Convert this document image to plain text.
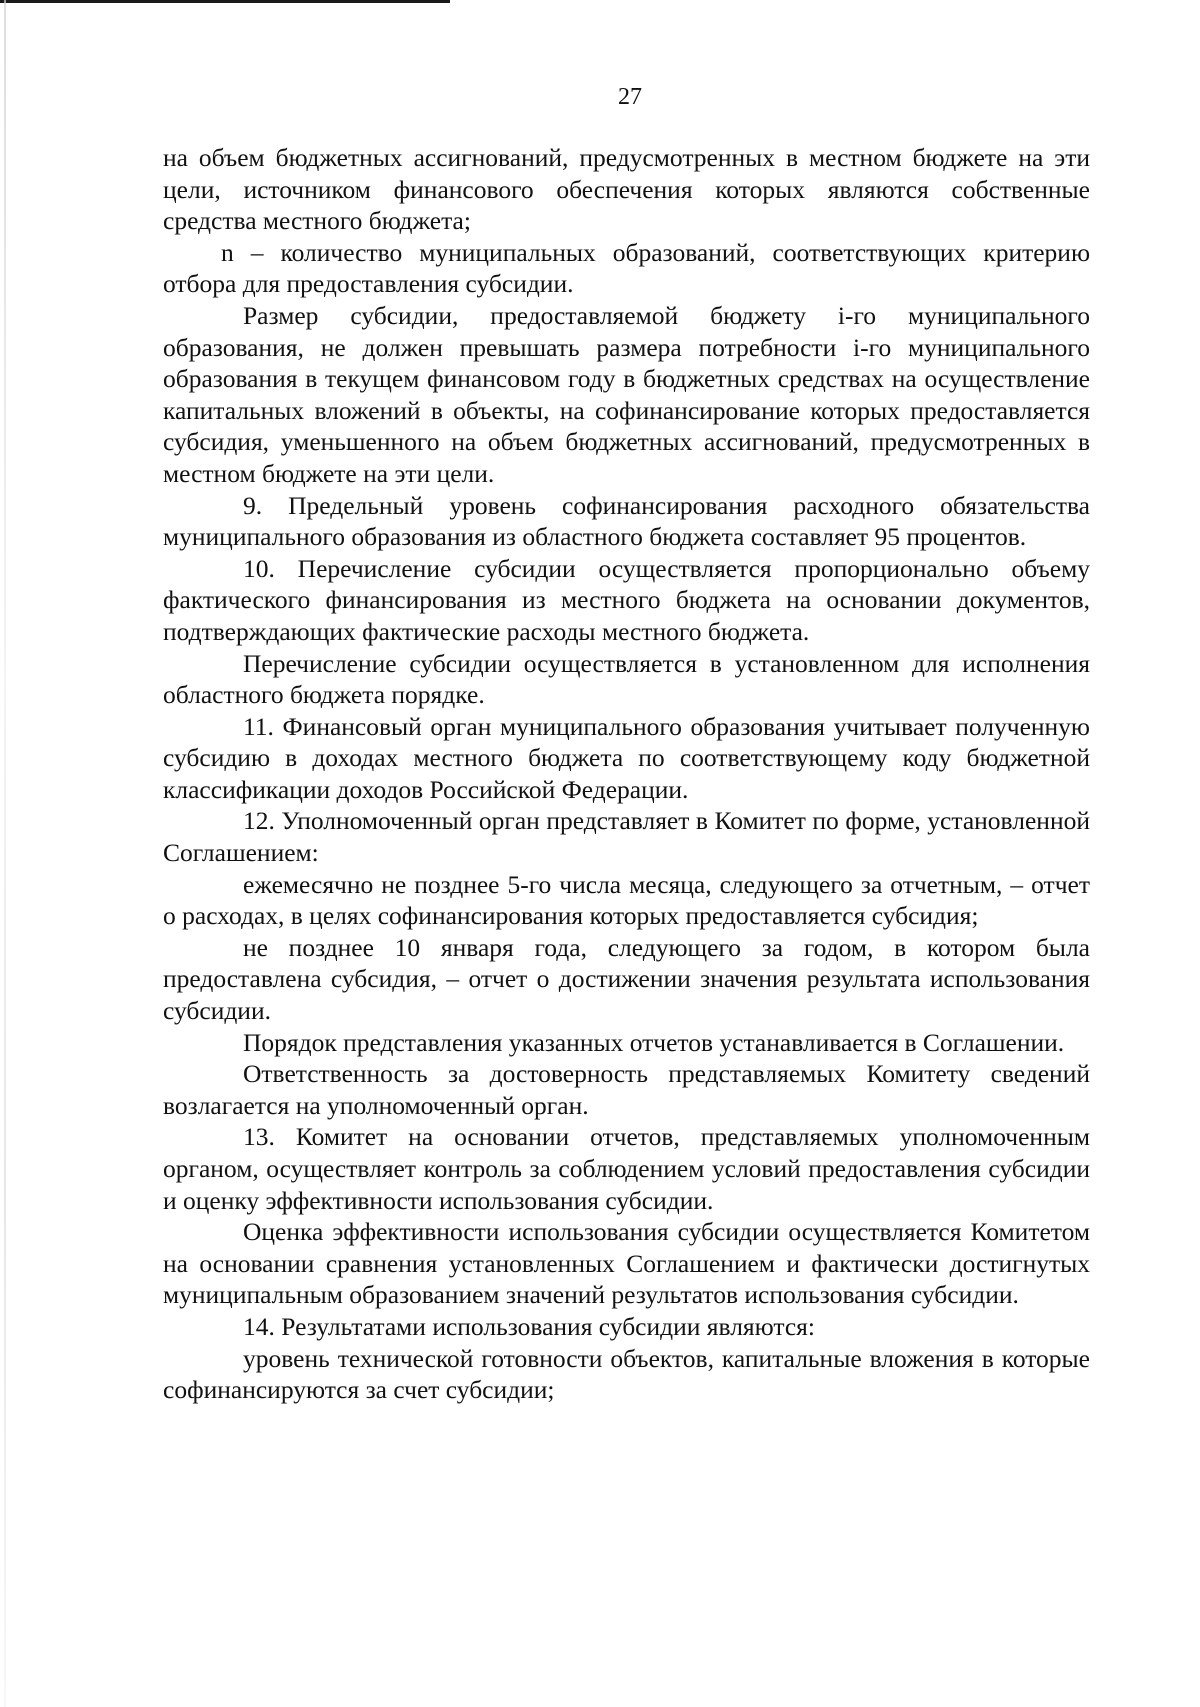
27

на объем бюджетных ассигнований, предусмотренных в местном бюджете на эти цели, источником финансового обеспечения которых являются собственные средства местного бюджета;

n – количество муниципальных образований, соответствующих критерию отбора для предоставления субсидии.

Размер субсидии, предоставляемой бюджету i-го муниципального образования, не должен превышать размера потребности i-го муниципального образования в текущем финансовом году в бюджетных средствах на осуществление капитальных вложений в объекты, на софинансирование которых предоставляется субсидия, уменьшенного на объем бюджетных ассигнований, предусмотренных в местном бюджете на эти цели.

9. Предельный уровень софинансирования расходного обязательства муниципального образования из областного бюджета составляет 95 процентов.

10. Перечисление субсидии осуществляется пропорционально объему фактического финансирования из местного бюджета на основании документов, подтверждающих фактические расходы местного бюджета.

Перечисление субсидии осуществляется в установленном для исполнения областного бюджета порядке.

11. Финансовый орган муниципального образования учитывает полученную субсидию в доходах местного бюджета по соответствующему коду бюджетной классификации доходов Российской Федерации.

12. Уполномоченный орган представляет в Комитет по форме, установленной Соглашением:

ежемесячно не позднее 5-го числа месяца, следующего за отчетным, – отчет о расходах, в целях софинансирования которых предоставляется субсидия;

не позднее 10 января года, следующего за годом, в котором была предоставлена субсидия, – отчет о достижении значения результата использования субсидии.

Порядок представления указанных отчетов устанавливается в Соглашении.

Ответственность за достоверность представляемых Комитету сведений возлагается на уполномоченный орган.

13. Комитет на основании отчетов, представляемых уполномоченным органом, осуществляет контроль за соблюдением условий предоставления субсидии и оценку эффективности использования субсидии.

Оценка эффективности использования субсидии осуществляется Комитетом на основании сравнения установленных Соглашением и фактически достигнутых муниципальным образованием значений результатов использования субсидии.

14. Результатами использования субсидии являются:

уровень технической готовности объектов, капитальные вложения в которые софинансируются за счет субсидии;
